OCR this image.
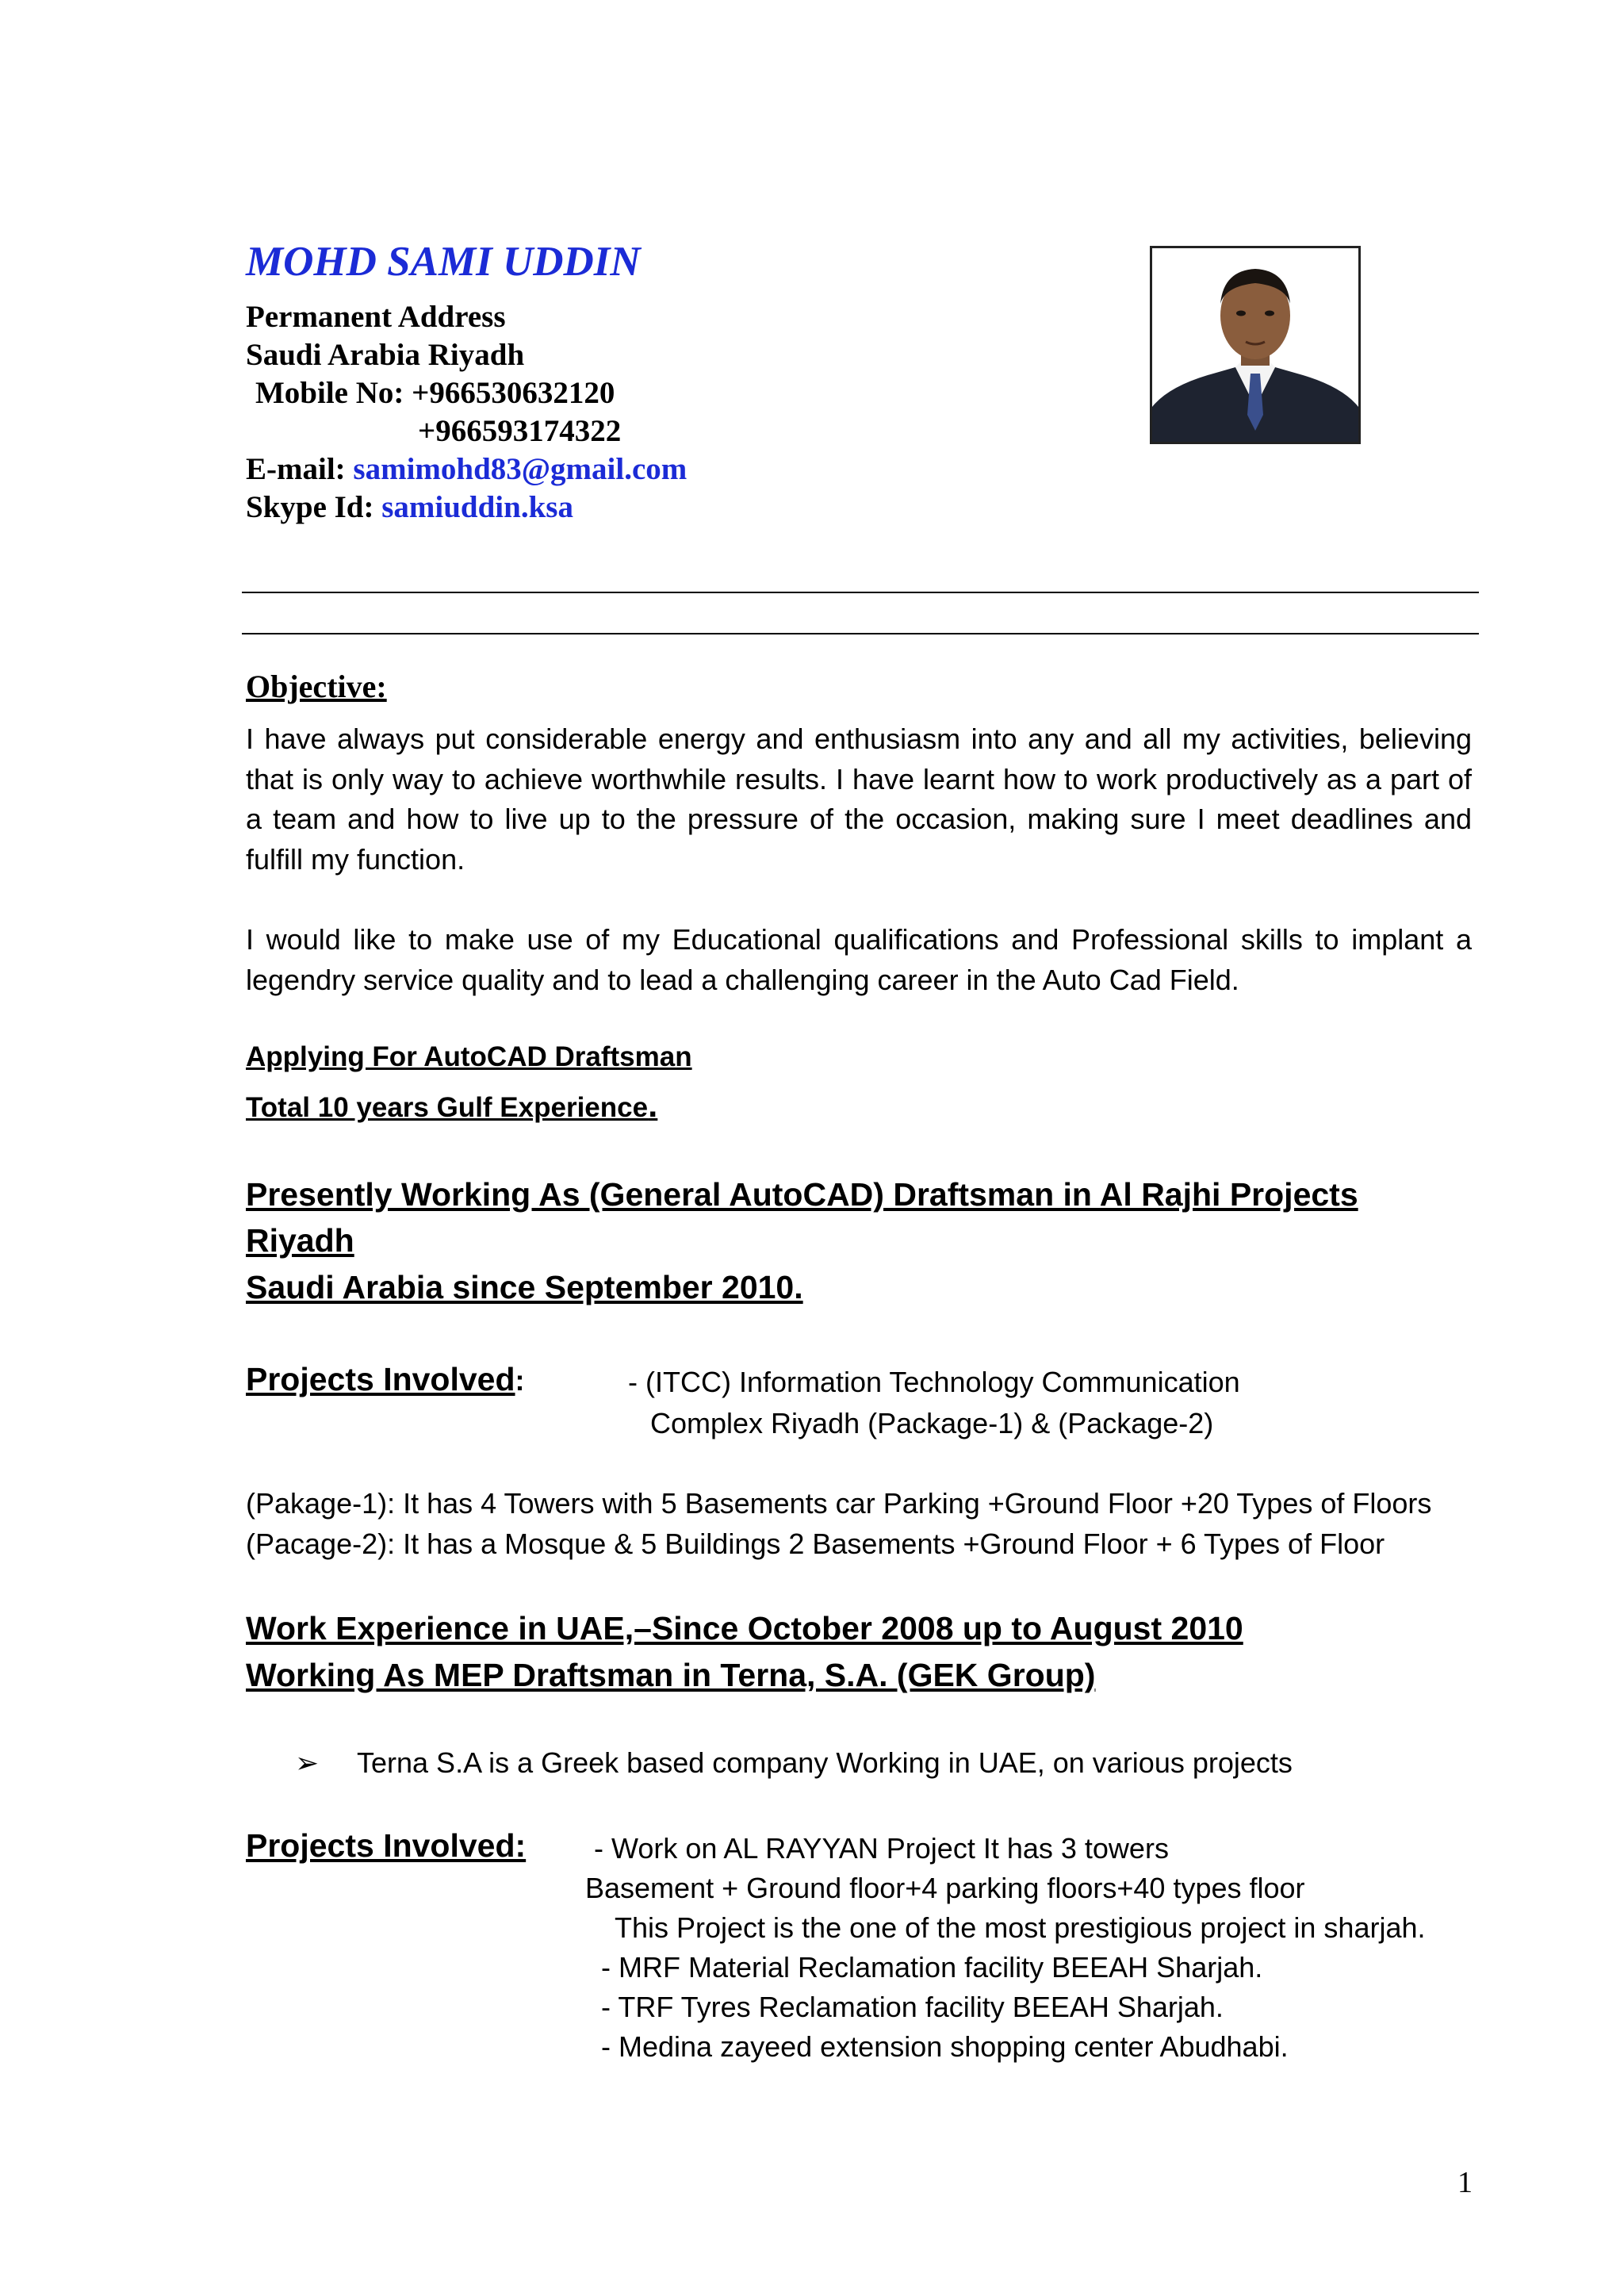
MOHD SAMI UDDIN
Permanent Address
Saudi Arabia Riyadh
Mobile No: +966530632120
+966593174322
E-mail: samimohd83@gmail.com
Skype Id: samiuddin.ksa
Objective:
I have always put considerable energy and enthusiasm into any and all my activities, believing that is only way to achieve worthwhile results. I have learnt how to work productively as a part of a team and how to live up to the pressure of the occasion, making sure I meet deadlines and fulfill my function.
I would like to make use of my Educational qualifications and Professional skills to implant a legendry service quality and to lead a challenging career in the Auto Cad Field.
Applying For AutoCAD Draftsman
Total 10 years Gulf Experience.
Presently Working As (General AutoCAD) Draftsman in Al Rajhi Projects
Riyadh
Saudi Arabia since September 2010.
Projects Involved:	- (ITCC) Information Technology Communication
Complex Riyadh (Package-1) & (Package-2)
(Pakage-1): It has 4 Towers with 5 Basements car Parking +Ground Floor +20 Types of Floors
(Pacage-2): It has a Mosque & 5 Buildings 2 Basements +Ground Floor + 6 Types of Floor
Work Experience in UAE,–Since October 2008 up to August 2010
Working As MEP Draftsman in Terna, S.A. (GEK Group)
➢ Terna S.A is a Greek based company Working in UAE, on various projects
Projects Involved: - Work on AL RAYYAN Project It has 3 towers
Basement + Ground floor+4 parking floors+40 types floor
This Project is the one of the most prestigious project in sharjah.
- MRF Material Reclamation facility BEEAH Sharjah.
- TRF Tyres Reclamation facility BEEAH Sharjah.
- Medina zayeed extension shopping center Abudhabi.
1
